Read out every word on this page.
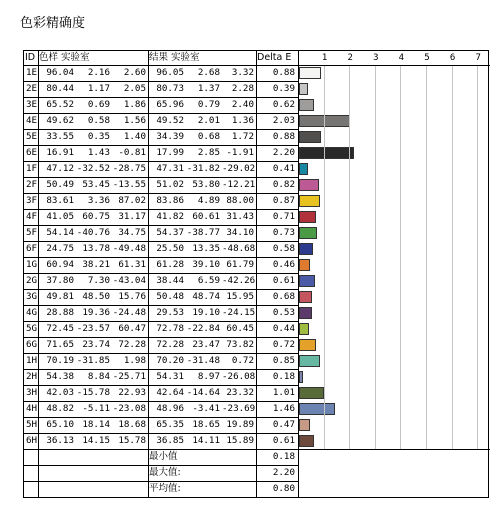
色彩精确度
ID 色样 实验室	结果 实验室	Delta E	1 2 3 4 5 6 7
1E	96.04	2.16	2.60	96.05	2.68	3.32	0.88
2E	80.44	1.17	2.05	80.73	1.37	2.28	0.39
3E	65.52	0.69	1.86	65.96	0.79	2.40	0.62
4E	49.62	0.58	1.56	49.52	2.01	1.36	2.03
5E	33.55	0.35	1.40	34.39	0.68	1.72	0.88
6E	16.91	1.43 -0.81	17.99	2.85 -1.91	2.20
1F	47.12 -32.52 -28.75	47.31 -31.82 -29.02	0.41
2F	50.49 53.45 -13.55	51.02 53.80 -12.21	0.82
3F	83.61	3.36 87.02	83.86	4.89 88.00	0.87
4F	41.05 60.75 31.17	41.82 60.61 31.43	0.71
5F	54.14 -40.76 34.75	54.37 -38.77 34.10	0.73
6F	24.75 13.78 -49.48	25.50 13.35 -48.68	0.58
1G	60.94 38.21 61.31	61.28 39.10 61.79	0.46
2G	37.80	7.30 -43.04	38.44	6.59 -42.26	0.61
3G	49.81 48.50 15.76	50.48 48.74 15.95	0.68
4G	28.88 19.36 -24.48	29.53 19.10 -24.15	0.53
5G	72.45 -23.57 60.47	72.78 -22.84 60.45	0.44
6G	71.65 23.74 72.28	72.28 23.47 73.82	0.72
1H	70.19 -31.85	1.98	70.20 -31.48	0.72	0.85
2H	54.38	8.84 -25.71	54.31	8.97 -26.08	0.18
3H	42.03 -15.78 22.93	42.64 -14.64 23.32	1.01
4H	48.82 -5.11 -23.08	48.96 -3.41 -23.69	1.46
5H	65.10 18.14 18.68	65.35 18.65 19.89	0.47
6H	36.13 14.15 15.78	36.85 14.11 15.89	0.61
最小值	0.18
最大值:	2.20
平均值:	0.80
